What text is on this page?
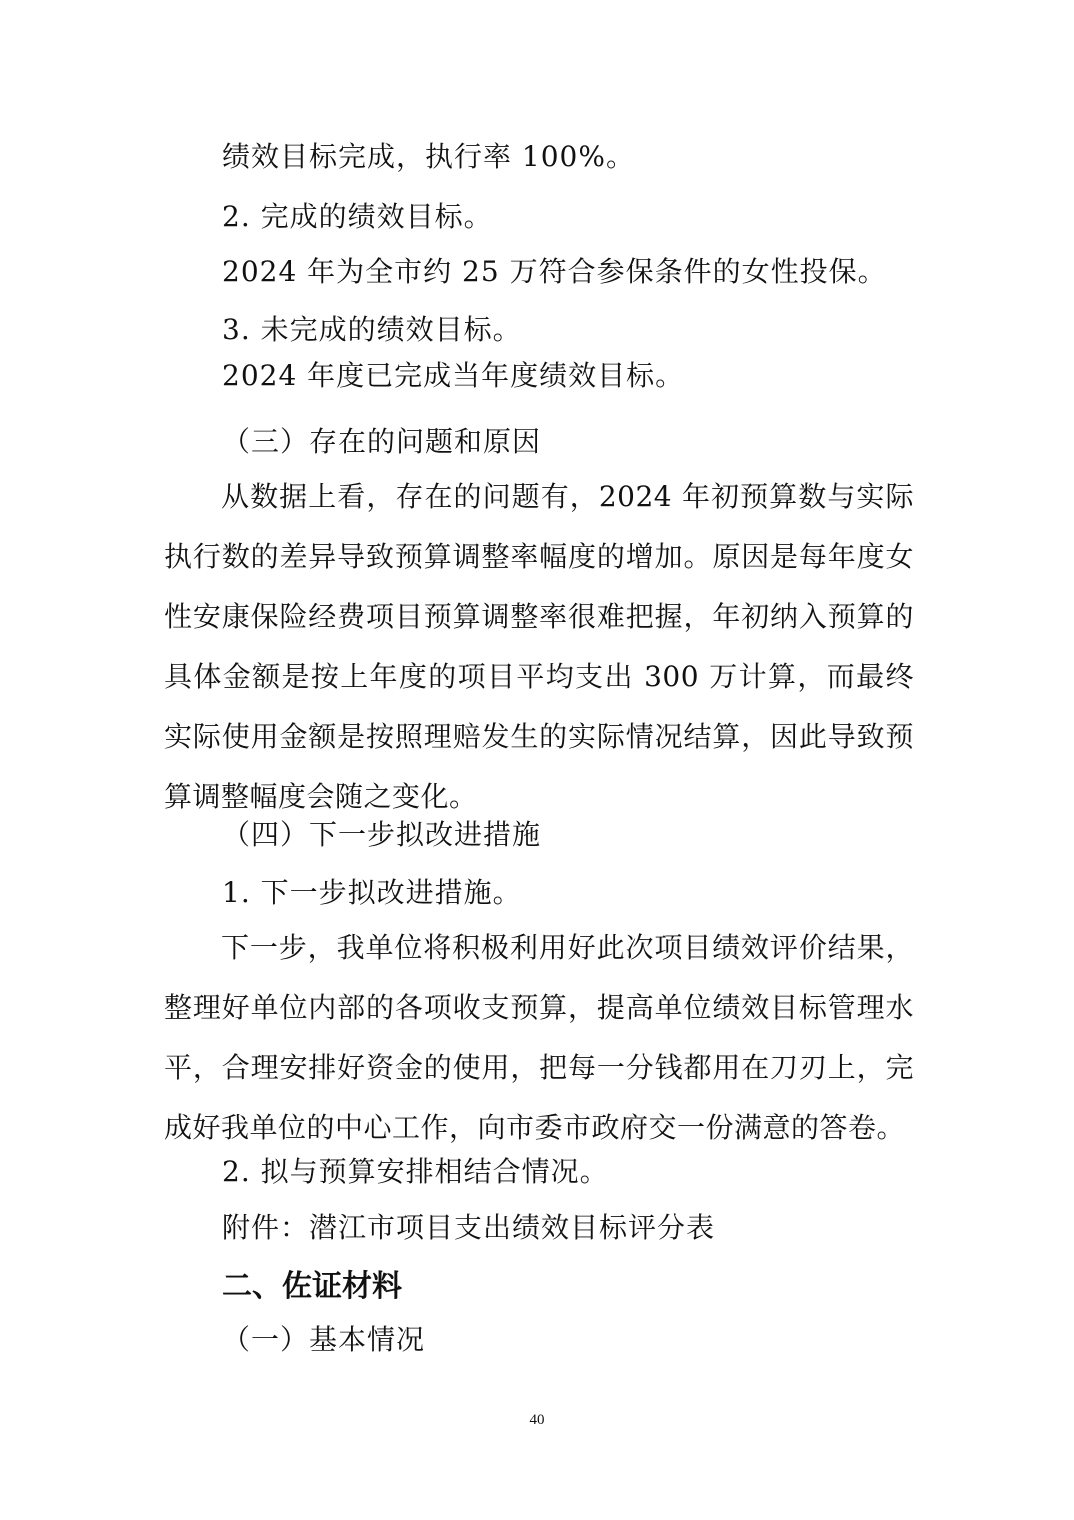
绩效目标完成，执行率 100%。

2. 完成的绩效目标。

2024 年为全市约 25 万符合参保条件的女性投保。

3. 未完成的绩效目标。

2024 年度已完成当年度绩效目标。

（三）存在的问题和原因

从数据上看，存在的问题有，2024 年初预算数与实际执行数的差异导致预算调整率幅度的增加。原因是每年度女性安康保险经费项目预算调整率很难把握，年初纳入预算的具体金额是按上年度的项目平均支出 300 万计算，而最终实际使用金额是按照理赔发生的实际情况结算，因此导致预算调整幅度会随之变化。

（四）下一步拟改进措施

1. 下一步拟改进措施。

下一步，我单位将积极利用好此次项目绩效评价结果，整理好单位内部的各项收支预算，提高单位绩效目标管理水平，合理安排好资金的使用，把每一分钱都用在刀刃上，完成好我单位的中心工作，向市委市政府交一份满意的答卷。

2. 拟与预算安排相结合情况。

附件：潜江市项目支出绩效目标评分表

二、佐证材料

（一）基本情况

40
